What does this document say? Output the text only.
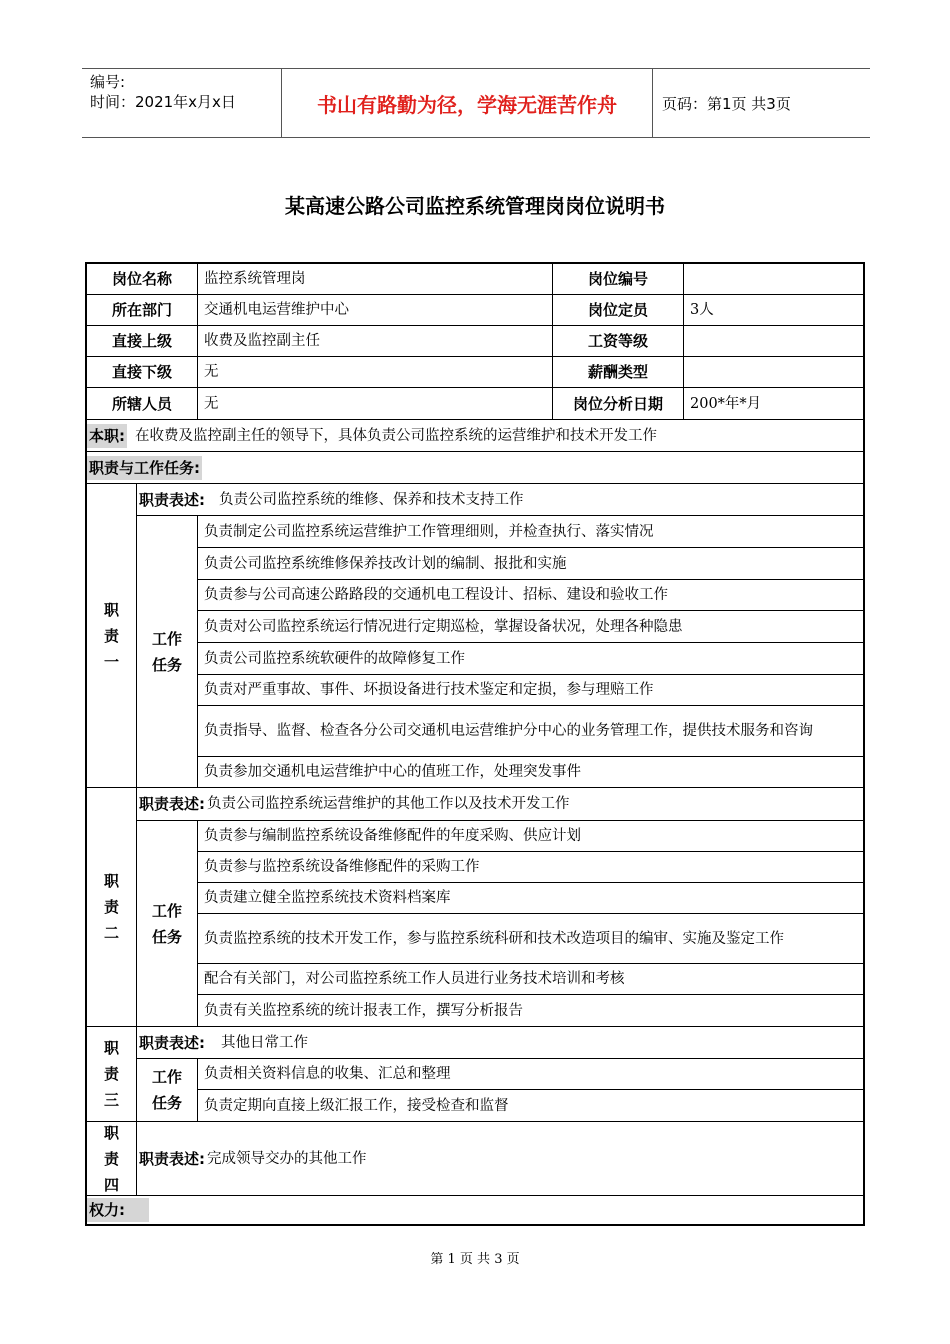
编号:
时间：2021年x月x日	书山有路勤为径，学海无涯苦作舟	页码：第1页 共3页
某高速公路公司监控系统管理岗岗位说明书
岗位名称	监控系统管理岗	岗位编号
所在部门	交通机电运营维护中心	岗位定员	3人
直接上级	收费及监控副主任	工资等级
直接下级	无	薪酬类型
所辖人员	无	岗位分析日期	200*年*月
本职: 在收费及监控副主任的领导下，具体负责公司监控系统的运营维护和技术开发工作
职责与工作任务:
职
责
一
职责表述: 负责公司监控系统的维修、保养和技术支持工作
工作
任务
负责制定公司监控系统运营维护工作管理细则，并检查执行、落实情况
负责公司监控系统维修保养技改计划的编制、报批和实施
负责参与公司高速公路路段的交通机电工程设计、招标、建设和验收工作
负责对公司监控系统运行情况进行定期巡检，掌握设备状况，处理各种隐患
负责公司监控系统软硬件的故障修复工作
负责对严重事故、事件、坏损设备进行技术鉴定和定损，参与理赔工作
负责指导、监督、检查各分公司交通机电运营维护分中心的业务管理工作，提供技术服务和咨询
负责参加交通机电运营维护中心的值班工作，处理突发事件
职
责
二
职责表述: 负责公司监控系统运营维护的其他工作以及技术开发工作
工作
任务
负责参与编制监控系统设备维修配件的年度采购、供应计划
负责参与监控系统设备维修配件的采购工作
负责建立健全监控系统技术资料档案库
负责监控系统的技术开发工作，参与监控系统科研和技术改造项目的编审、实施及鉴定工作
配合有关部门，对公司监控系统工作人员进行业务技术培训和考核
负责有关监控系统的统计报表工作，撰写分析报告
职
责
三
职责表述:	其他日常工作
工作
任务
负责相关资料信息的收集、汇总和整理
负责定期向直接上级汇报工作，接受检查和监督
职
责
四
职责表述: 完成领导交办的其他工作
权力:
第 1 页 共 3 页
